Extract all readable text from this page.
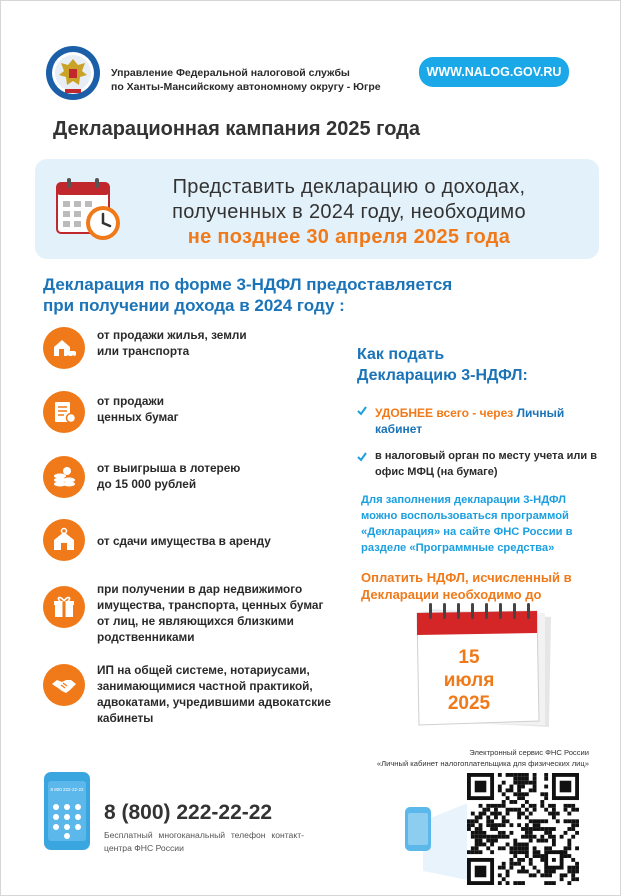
Управление Федеральной налоговой службы
по Ханты-Мансийскому автономному округу - Югре
WWW.NALOG.GOV.RU
Декларационная кампания 2025 года
Представить декларацию о доходах,
полученных в 2024 году, необходимо
не позднее 30 апреля 2025 года
Декларация по форме 3-НДФЛ предоставляется
при получении дохода в 2024 году :
от продажи жилья, земли
или транспорта
от продажи
ценных бумаг
от выигрыша в лотерею
до 15 000 рублей
от сдачи имущества в аренду
при получении в дар недвижимого
имущества, транспорта, ценных бумаг
от лиц, не являющихся близкими
родственниками
ИП на общей системе, нотариусами,
занимающимися частной практикой,
адвокатами, учредившими адвокатские
кабинеты
Как подать
Декларацию 3-НДФЛ:
УДОБНЕЕ всего - через Личный кабинет
в налоговый орган по месту учета или в офис МФЦ (на бумаге)
Для заполнения декларации 3-НДФЛ можно воспользоваться программой «Декларация» на сайте ФНС России в разделе «Программные средства»
Оплатить НДФЛ, исчисленный в Декларации необходимо до
15
июля
2025
Электронный сервис ФНС России
«Личный кабинет налогоплательщика для физических лиц»
8 800 222-22-22
8 (800) 222-22-22
Бесплатный многоканальный телефон контакт-центра ФНС России
